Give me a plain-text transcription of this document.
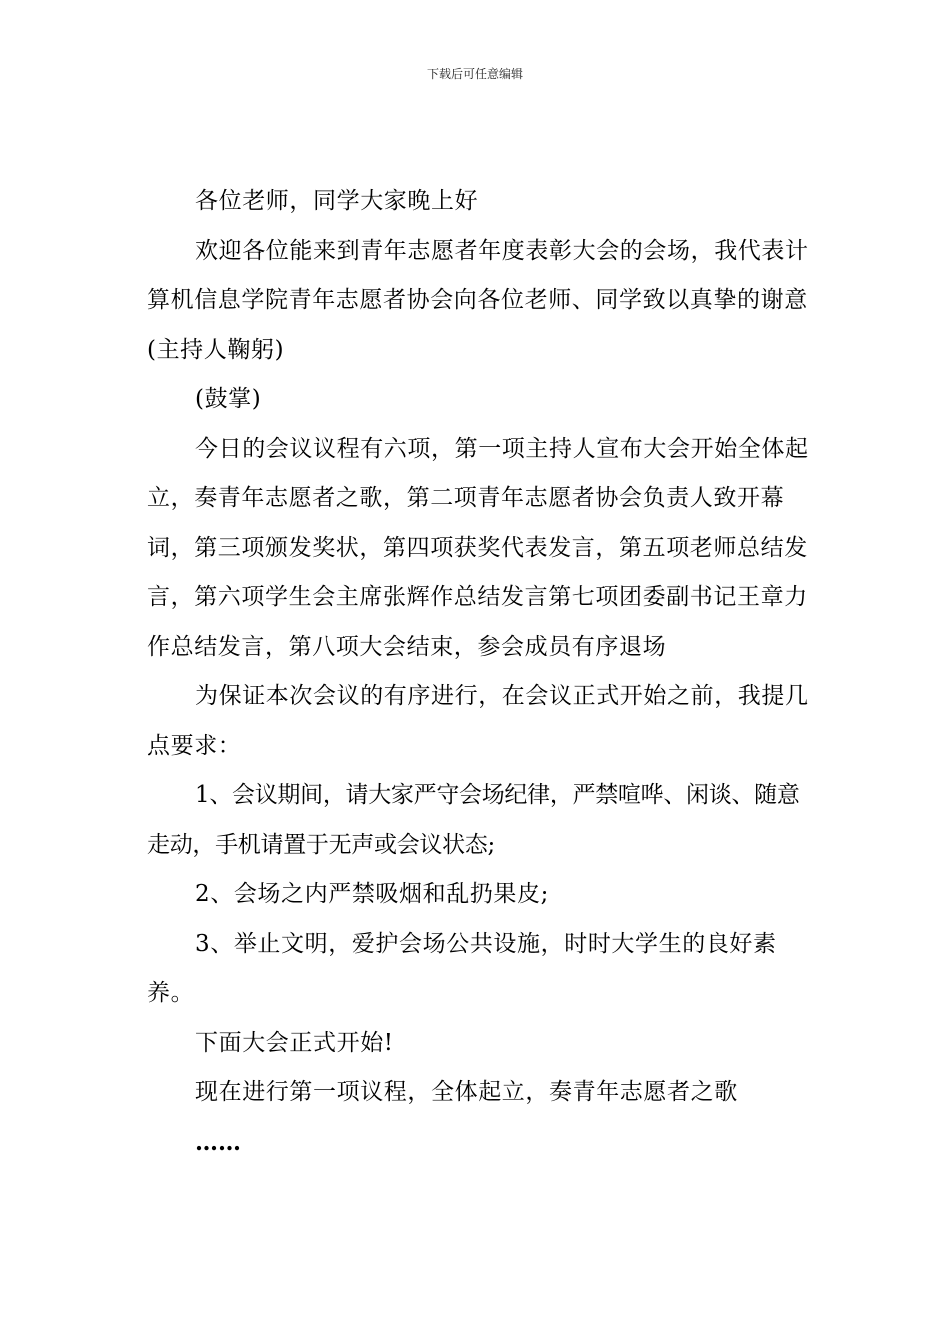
下载后可任意编辑

各位老师，同学大家晚上好

欢迎各位能来到青年志愿者年度表彰大会的会场，我代表计算机信息学院青年志愿者协会向各位老师、同学致以真挚的谢意(主持人鞠躬)

(鼓掌)

今日的会议议程有六项，第一项主持人宣布大会开始全体起立，奏青年志愿者之歌，第二项青年志愿者协会负责人致开幕词，第三项颁发奖状，第四项获奖代表发言，第五项老师总结发言，第六项学生会主席张辉作总结发言第七项团委副书记王章力作总结发言，第八项大会结束，参会成员有序退场

为保证本次会议的有序进行，在会议正式开始之前，我提几点要求：

1、会议期间，请大家严守会场纪律，严禁喧哗、闲谈、随意走动，手机请置于无声或会议状态;

2、会场之内严禁吸烟和乱扔果皮;

3、举止文明，爱护会场公共设施，时时大学生的良好素养。

下面大会正式开始!

现在进行第一项议程，全体起立，奏青年志愿者之歌

……
